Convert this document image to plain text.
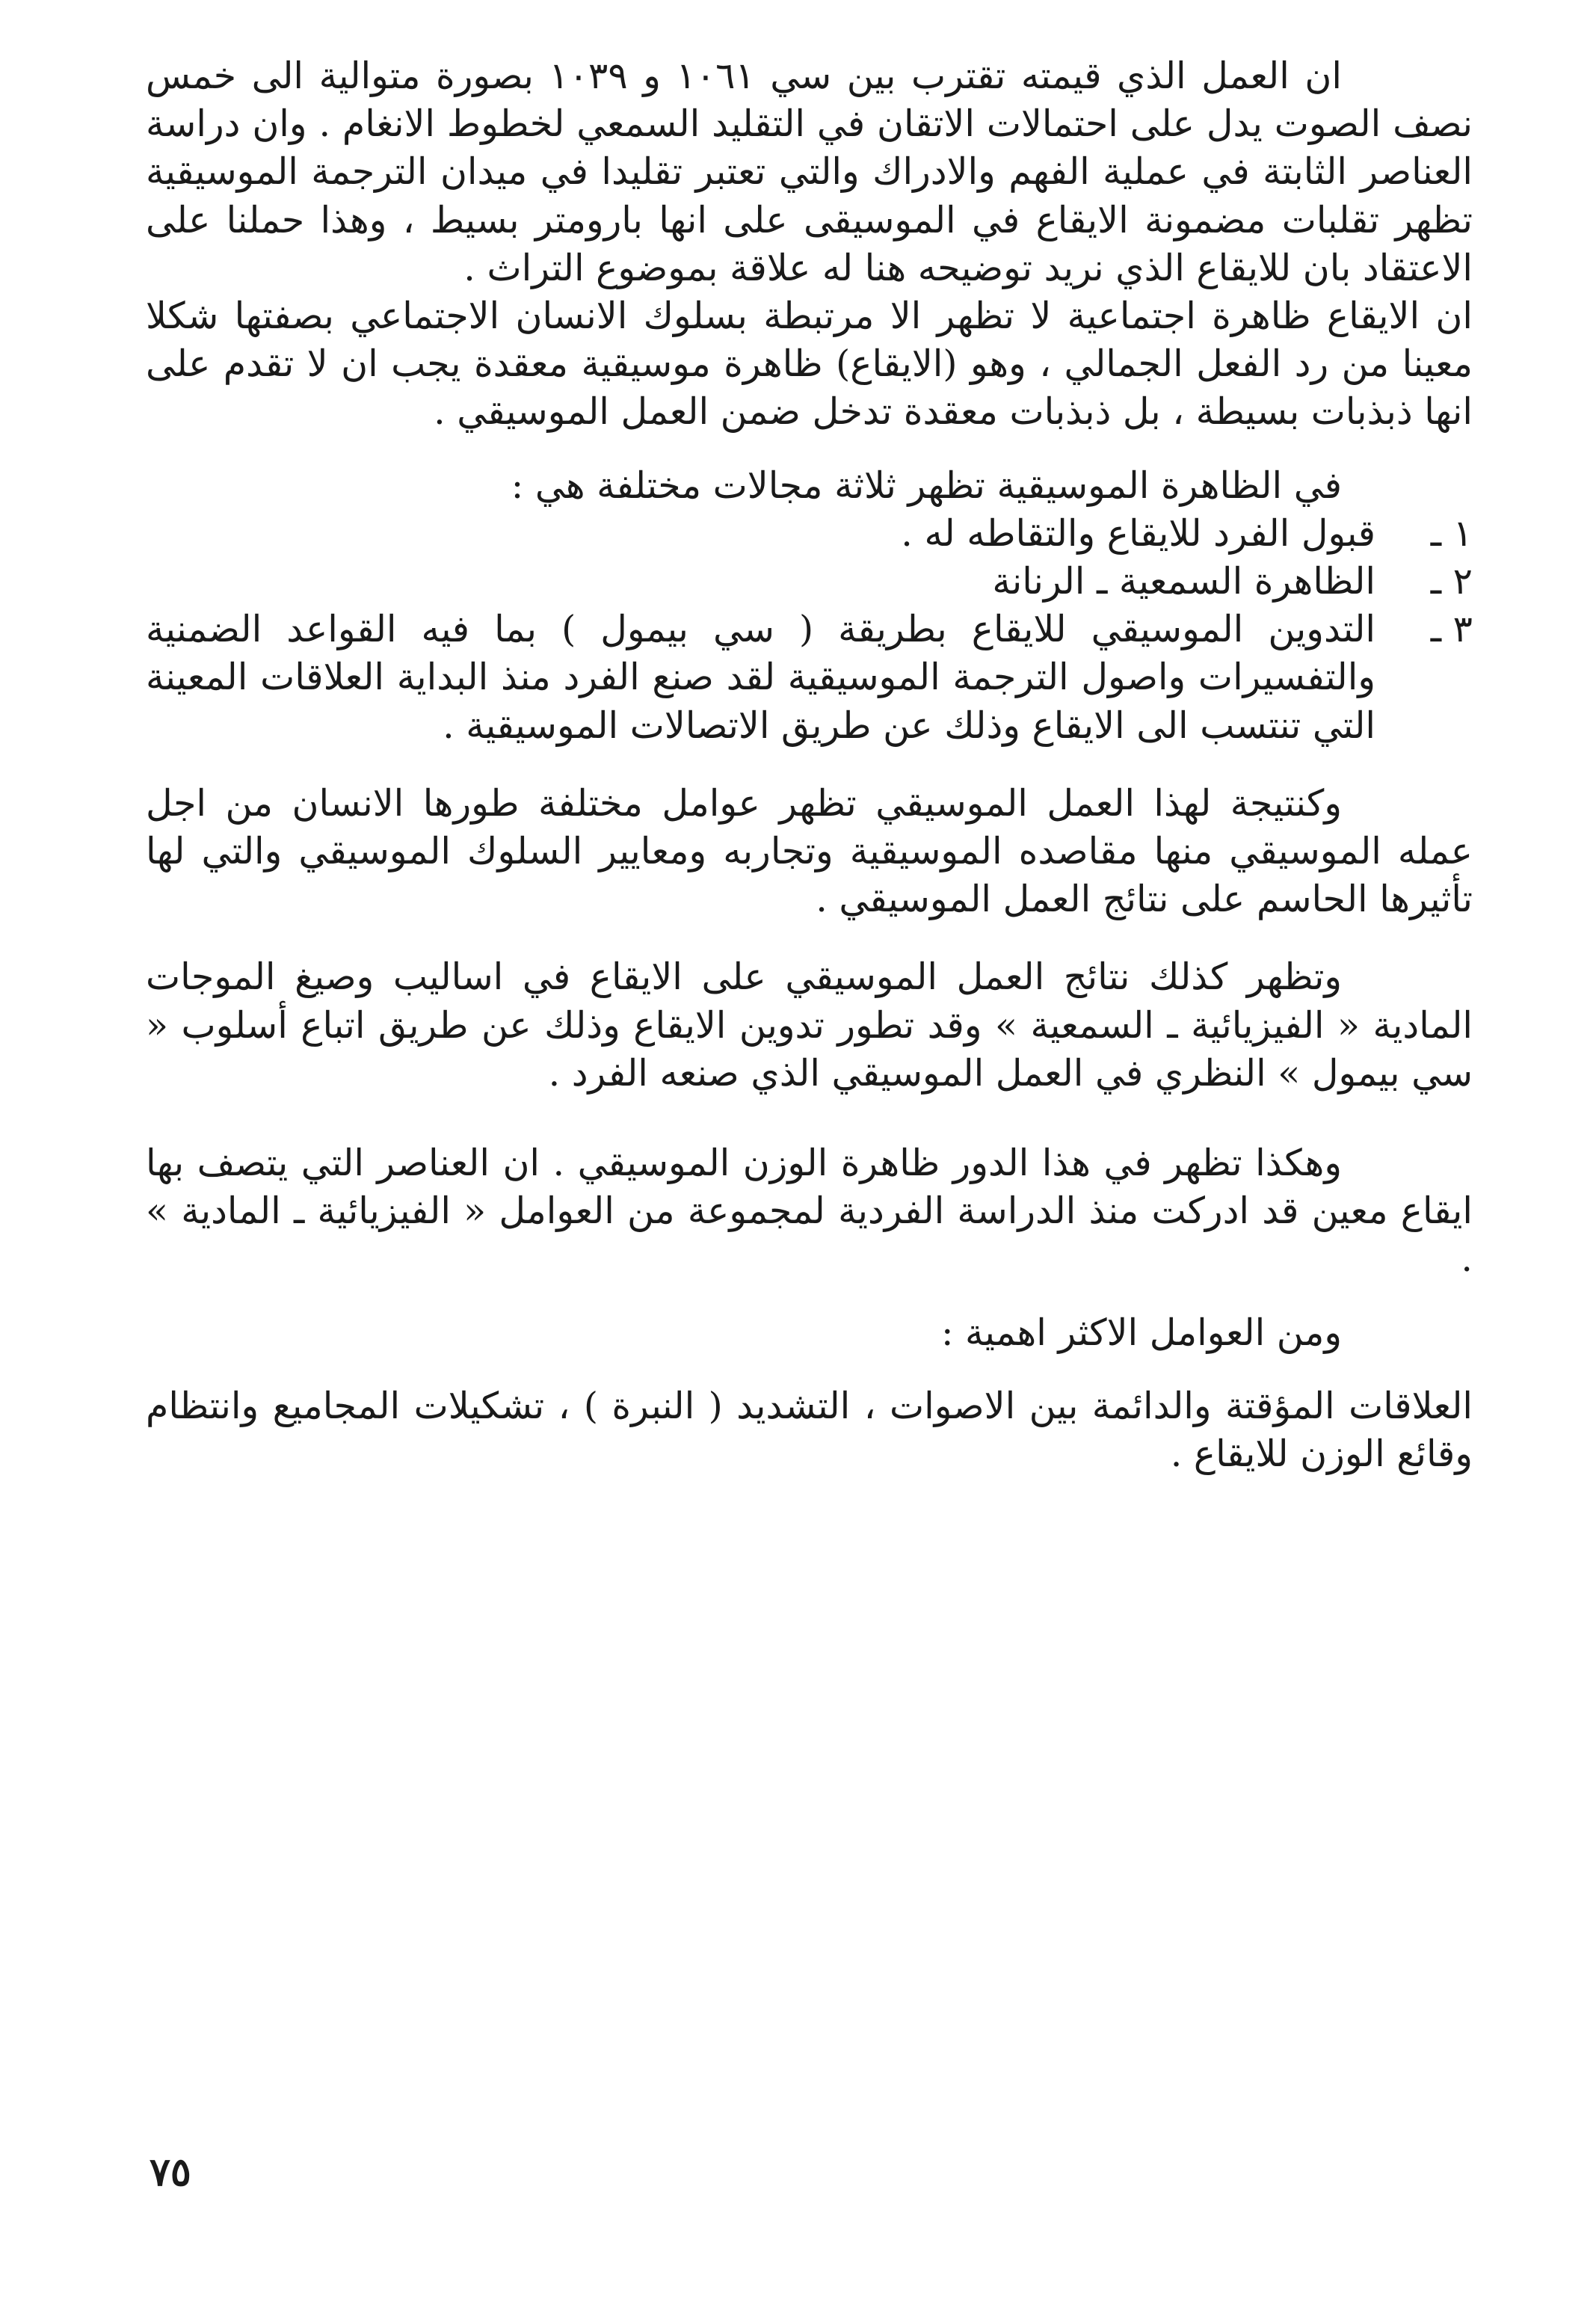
ان العمل الذي قيمته تقترب بين سي ١٠٦١ و ١٠٣٩ بصورة متوالية الى خمس نصف الصوت يدل على احتمالات الاتقان في التقليد السمعي لخطوط الانغام . وان دراسة العناصر الثابتة في عملية الفهم والادراك والتي تعتبر تقليدا في ميدان الترجمة الموسيقية تظهر تقلبات مضمونة الايقاع في الموسيقى على انها بارومتر بسيط ، وهذا حملنا على الاعتقاد بان للايقاع الذي نريد توضيحه هنا له علاقة بموضوع التراث .

ان الايقاع ظاهرة اجتماعية لا تظهر الا مرتبطة بسلوك الانسان الاجتماعي بصفتها شكلا معينا من رد الفعل الجمالي ، وهو (الايقاع) ظاهرة موسيقية معقدة يجب ان لا تقدم على انها ذبذبات بسيطة ، بل ذبذبات معقدة تدخل ضمن العمل الموسيقي .

في الظاهرة الموسيقية تظهر ثلاثة مجالات مختلفة هي :

١ ـ
قبول الفرد للايقاع والتقاطه له .
٢ ـ
الظاهرة السمعية ـ الرنانة
٣ ـ
التدوين الموسيقي للايقاع بطريقة ( سي بيمول ) بما فيه القواعد الضمنية والتفسيرات واصول الترجمة الموسيقية لقد صنع الفرد منذ البداية العلاقات المعينة التي تنتسب الى الايقاع وذلك عن طريق الاتصالات الموسيقية .

وكنتيجة لهذا العمل الموسيقي تظهر عوامل مختلفة طورها الانسان من اجل عمله الموسيقي منها مقاصده الموسيقية وتجاربه ومعايير السلوك الموسيقي والتي لها تأثيرها الحاسم على نتائج العمل الموسيقي .

وتظهر كذلك نتائج العمل الموسيقي على الايقاع في اساليب وصيغ الموجات المادية « الفيزيائية ـ السمعية » وقد تطور تدوين الايقاع وذلك عن طريق اتباع أسلوب « سي بيمول » النظري في العمل الموسيقي الذي صنعه الفرد .

وهكذا تظهر في هذا الدور ظاهرة الوزن الموسيقي . ان العناصر التي يتصف بها ايقاع معين قد ادركت منذ الدراسة الفردية لمجموعة من العوامل « الفيزيائية ـ المادية » .

ومن العوامل الاكثر اهمية :

العلاقات المؤقتة والدائمة بين الاصوات ، التشديد ( النبرة ) ، تشكيلات المجاميع وانتظام وقائع الوزن للايقاع .

٧٥
